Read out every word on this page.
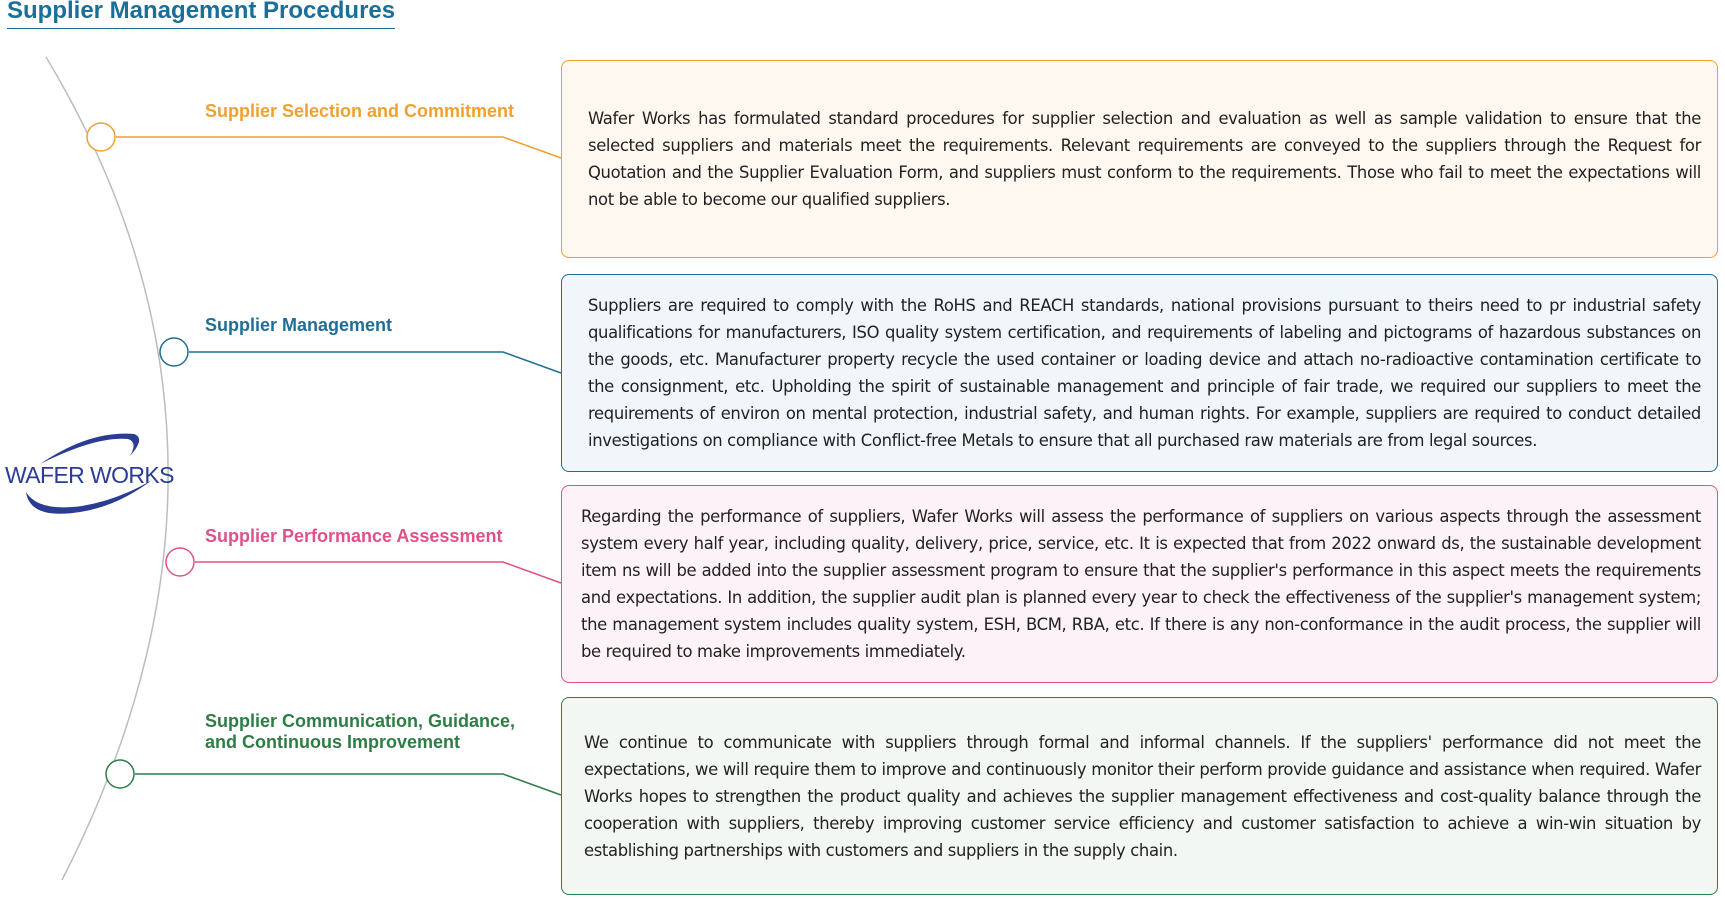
Supplier Management Procedures
WAFER WORKS
Supplier Selection and Commitment
Supplier Management
Supplier Performance Assessment
Supplier Communication, Guidance,
and Continuous Improvement

Wafer Works has formulated standard procedures for supplier selection and evaluation as well as sample validation to ensure that the selected suppliers and materials meet the requirements. Relevant requirements are conveyed to the suppliers through the Request for Quotation and the Supplier Evaluation Form, and suppliers must conform to the requirements. Those who fail to meet the expectations will not be able to become our qualified suppliers.

Suppliers are required to comply with the RoHS and REACH standards, national provisions pursuant to theirs need to pr industrial safety qualifications for manufacturers, ISO quality system certification, and requirements of labeling and pictograms of hazardous substances on the goods, etc. Manufacturer property recycle the used container or loading device and attach no-radioactive contamination certificate to the consignment, etc. Upholding the spirit of sustainable management and principle of fair trade, we required our suppliers to meet the requirements of environ on mental protection, industrial safety, and human rights. For example, suppliers are required to conduct detailed investigations on compliance with Conflict-free Metals to ensure that all purchased raw materials are from legal sources.

Regarding the performance of suppliers, Wafer Works will assess the performance of suppliers on various aspects through the assessment system every half year, including quality, delivery, price, service, etc. It is expected that from 2022 onward ds, the sustainable development item ns will be added into the supplier assessment program to ensure that the supplier's performance in this aspect meets the requirements and expectations. In addition, the supplier audit plan is planned every year to check the effectiveness of the supplier's management system; the management system includes quality system, ESH, BCM, RBA, etc. If there is any non-conformance in the audit process, the supplier will be required to make improvements immediately.

We continue to communicate with suppliers through formal and informal channels. If the suppliers' performance did not meet the expectations, we will require them to improve and continuously monitor their perform provide guidance and assistance when required. Wafer Works hopes to strengthen the product quality and achieves the supplier management effectiveness and cost-quality balance through the cooperation with suppliers, thereby improving customer service efficiency and customer satisfaction to achieve a win-win situation by establishing partnerships with customers and suppliers in the supply chain.
